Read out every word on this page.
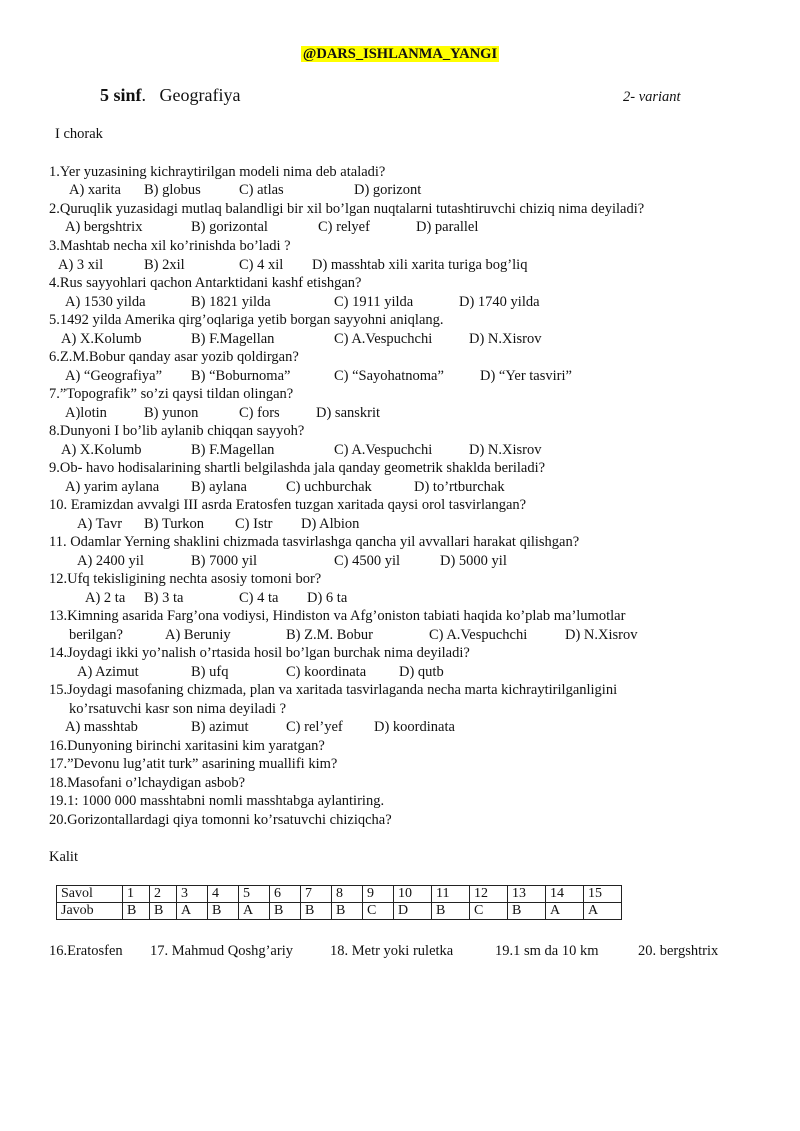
@DARS_ISHLANMA_YANGI
5 sinf.   Geografiya	2- variant
I chorak
1.Yer yuzasining kichraytirilgan modeli nima deb ataladi?
A) xarita B) globus	C) atlas	D) gorizont
2.Quruqlik yuzasidagi mutlaq balandligi bir xil bo’lgan nuqtalarni tutashtiruvchi chiziq nima deyiladi?
A) bergshtrix	B) gorizontal	C) relyef	D) parallel
3.Mashtab necha xil ko’rinishda bo’ladi ?
A) 3 xil	B) 2xil	C) 4 xil D) masshtab xili xarita turiga bog’liq
4.Rus sayyohlari qachon Antarktidani kashf etishgan?
A) 1530 yilda	B) 1821 yilda	C) 1911 yilda	D) 1740 yilda
5.1492 yilda Amerika qirg’oqlariga yetib borgan sayyohni aniqlang.
A) X.Kolumb	B) F.Magellan	C) A.Vespuchchi	D) N.Xisrov
6.Z.M.Bobur qanday asar yozib qoldirgan?
A) “Geografiya” B) “Boburnoma”	C) “Sayohatnoma” D) “Yer tasviri”
7.”Topografik” so’zi qaysi tildan olingan?
A)lotin	B) yunon	C) fors	D) sanskrit
8.Dunyoni I bo’lib aylanib chiqqan sayyoh?
A) X.Kolumb	B) F.Magellan	C) A.Vespuchchi	D) N.Xisrov
9.Ob- havo hodisalarining shartli belgilashda jala qanday geometrik shaklda beriladi?
A) yarim aylana B) aylana	C) uchburchak	D) to’rtburchak
10. Eramizdan avvalgi III asrda Eratosfen tuzgan xaritada qaysi orol tasvirlangan?
A) Tavr B) Turkon C) Istr D) Albion
11. Odamlar Yerning shaklini chizmada tasvirlashga qancha yil avvallari harakat qilishgan?
A) 2400 yil	B) 7000 yil	C) 4500 yil	D) 5000 yil
12.Ufq tekisligining nechta asosiy tomoni bor?
A) 2 ta B) 3 ta	C) 4 ta D) 6 ta
13.Kimning asarida Farg’ona vodiysi, Hindiston va Afg’oniston tabiati haqida ko’plab ma’lumotlar
berilgan?	A) Beruniy	B) Z.M. Bobur	C) A.Vespuchchi	D) N.Xisrov
14.Joydagi ikki yo’nalish o’rtasida hosil bo’lgan burchak nima deyiladi?
A) Azimut	B) ufq	C) koordinata D) qutb
15.Joydagi masofaning chizmada, plan va xaritada tasvirlaganda necha marta kichraytirilganligini
ko’rsatuvchi kasr son nima deyiladi ?
A) masshtab	B) azimut	C) rel’yef D) koordinata
16.Dunyoning birinchi xaritasini kim yaratgan?
17.”Devonu lug’atit turk” asarining muallifi kim?
18.Masofani o’lchaydigan asbob?
19.1: 1000 000 masshtabni nomli masshtabga aylantiring.
20.Gorizontallardagi qiya tomonni ko’rsatuvchi chiziqcha?
Kalit
Savol	1	2	3	4	5	6	7	8	9	10	11	12	13	14	15
Javob	B	B	A	B	A	B	B	B	C	D	B	C	B	A	A
16.Eratosfen 17. Mahmud Qoshg’ariy	18. Metr yoki ruletka	19.1 sm da 10 km	20. bergshtrix
